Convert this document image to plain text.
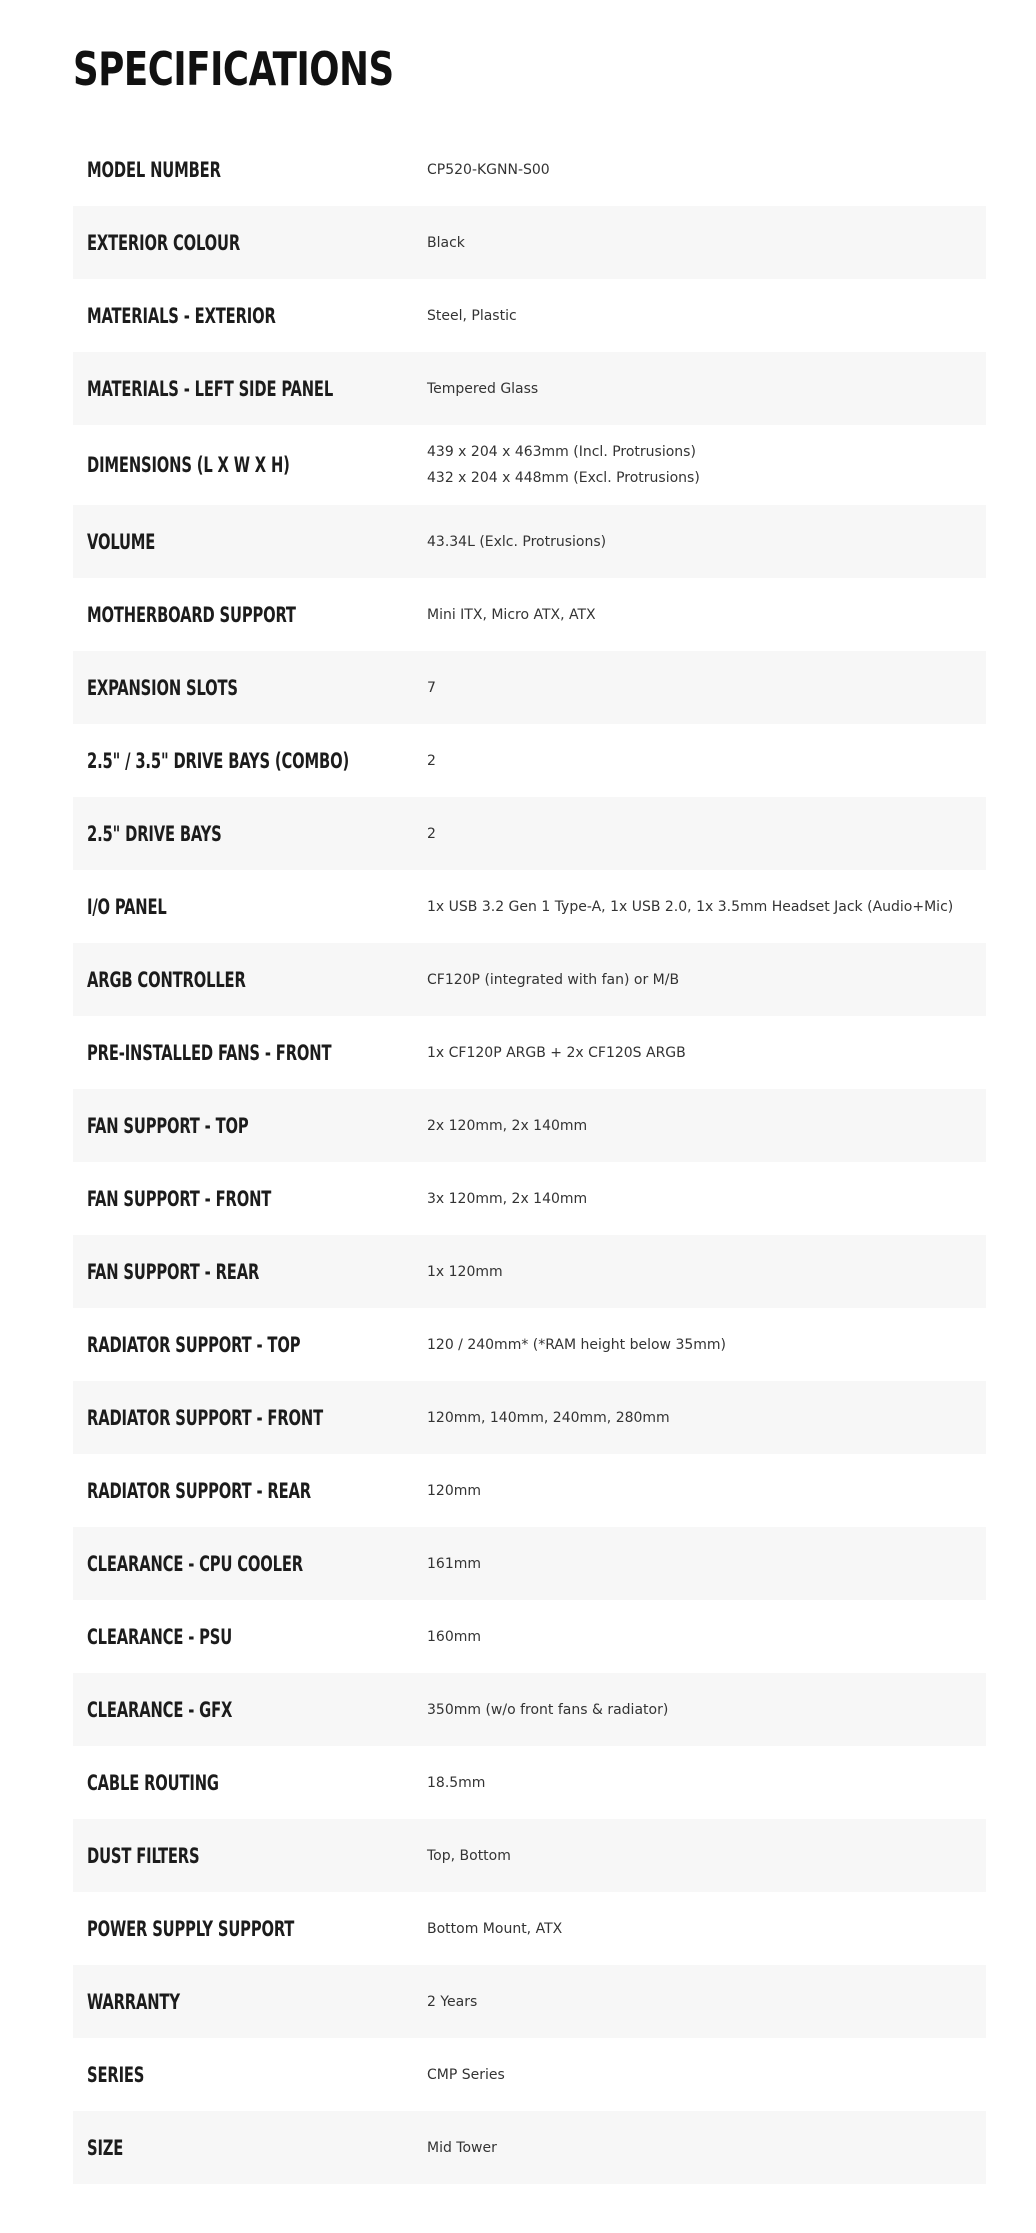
SPECIFICATIONS
MODEL NUMBER	CP520-KGNN-S00
EXTERIOR COLOUR	Black
MATERIALS - EXTERIOR	Steel, Plastic
MATERIALS - LEFT SIDE PANEL	Tempered Glass
DIMENSIONS (L X W X H)
439 x 204 x 463mm (Incl. Protrusions)
432 x 204 x 448mm (Excl. Protrusions)
VOLUME	43.34L (Exlc. Protrusions)
MOTHERBOARD SUPPORT	Mini ITX, Micro ATX, ATX
EXPANSION SLOTS	7
2.5" / 3.5" DRIVE BAYS (COMBO)	2
2.5" DRIVE BAYS	2
I/O PANEL	1x USB 3.2 Gen 1 Type-A, 1x USB 2.0, 1x 3.5mm Headset Jack (Audio+Mic)
ARGB CONTROLLER	CF120P (integrated with fan) or M/B
PRE-INSTALLED FANS - FRONT	1x CF120P ARGB + 2x CF120S ARGB
FAN SUPPORT - TOP	2x 120mm, 2x 140mm
FAN SUPPORT - FRONT	3x 120mm, 2x 140mm
FAN SUPPORT - REAR	1x 120mm
RADIATOR SUPPORT - TOP	120 / 240mm* (*RAM height below 35mm)
RADIATOR SUPPORT - FRONT	120mm, 140mm, 240mm, 280mm
RADIATOR SUPPORT - REAR	120mm
CLEARANCE - CPU COOLER	161mm
CLEARANCE - PSU	160mm
CLEARANCE - GFX	350mm (w/o front fans & radiator)
CABLE ROUTING	18.5mm
DUST FILTERS	Top, Bottom
POWER SUPPLY SUPPORT	Bottom Mount, ATX
WARRANTY	2 Years
SERIES	CMP Series
SIZE	Mid Tower
